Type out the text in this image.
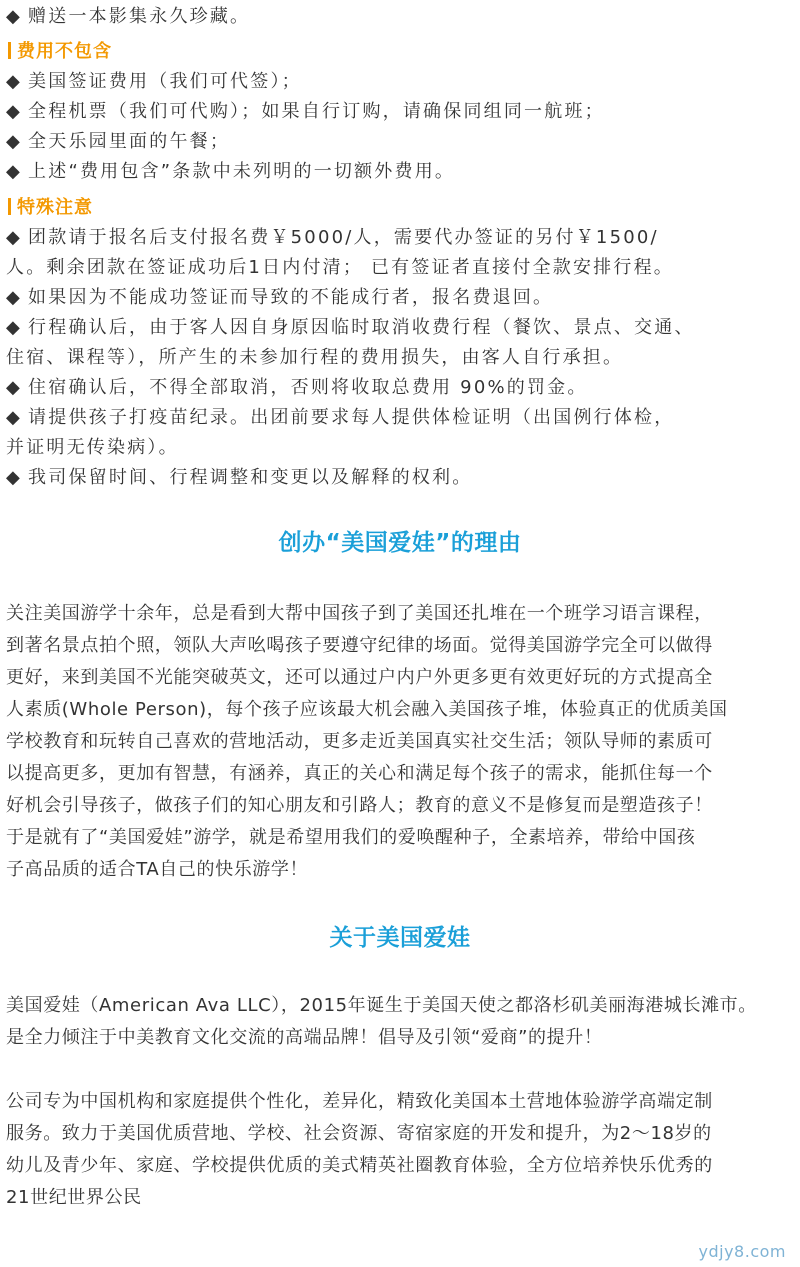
◆ 赠送一本影集永久珍藏。
费用不包含
◆ 美国签证费用（我们可代签）；
◆ 全程机票（我们可代购）；如果自行订购，请确保同组同一航班；
◆ 全天乐园里面的午餐；
◆ 上述“费用包含”条款中未列明的一切额外费用。
特殊注意
◆ 团款请于报名后支付报名费￥5000/人，需要代办签证的另付￥1500/
人。剩余团款在签证成功后1日内付清； 已有签证者直接付全款安排行程。
◆ 如果因为不能成功签证而导致的不能成行者，报名费退回。
◆ 行程确认后，由于客人因自身原因临时取消收费行程（餐饮、景点、交通、
住宿、课程等），所产生的未参加行程的费用损失，由客人自行承担。
◆ 住宿确认后，不得全部取消，否则将收取总费用 90%的罚金。
◆ 请提供孩子打疫苗纪录。出团前要求每人提供体检证明（出国例行体检，
并证明无传染病）。
◆ 我司保留时间、行程调整和变更以及解释的权利。
创办“美国爱娃”的理由
关注美国游学十余年，总是看到大帮中国孩子到了美国还扎堆在一个班学习语言课程，
到著名景点拍个照，领队大声吆喝孩子要遵守纪律的场面。觉得美国游学完全可以做得
更好，来到美国不光能突破英文，还可以通过户内户外更多更有效更好玩的方式提高全
人素质(Whole Person)，每个孩子应该最大机会融入美国孩子堆，体验真正的优质美国
学校教育和玩转自己喜欢的营地活动，更多走近美国真实社交生活；领队导师的素质可
以提高更多，更加有智慧，有涵养，真正的关心和满足每个孩子的需求，能抓住每一个
好机会引导孩子，做孩子们的知心朋友和引路人；教育的意义不是修复而是塑造孩子！
于是就有了“美国爱娃”游学，就是希望用我们的爱唤醒种子，全素培养，带给中国孩
子高品质的适合TA自己的快乐游学！
关于美国爱娃
美国爱娃（American Ava LLC），2015年诞生于美国天使之都洛杉矶美丽海港城长滩市。
是全力倾注于中美教育文化交流的高端品牌！倡导及引领“爱商”的提升！
公司专为中国机构和家庭提供个性化，差异化，精致化美国本土营地体验游学高端定制
服务。致力于美国优质营地、学校、社会资源、寄宿家庭的开发和提升，为2～18岁的
幼儿及青少年、家庭、学校提供优质的美式精英社圈教育体验，全方位培养快乐优秀的
21世纪世界公民
ydjy8.com
